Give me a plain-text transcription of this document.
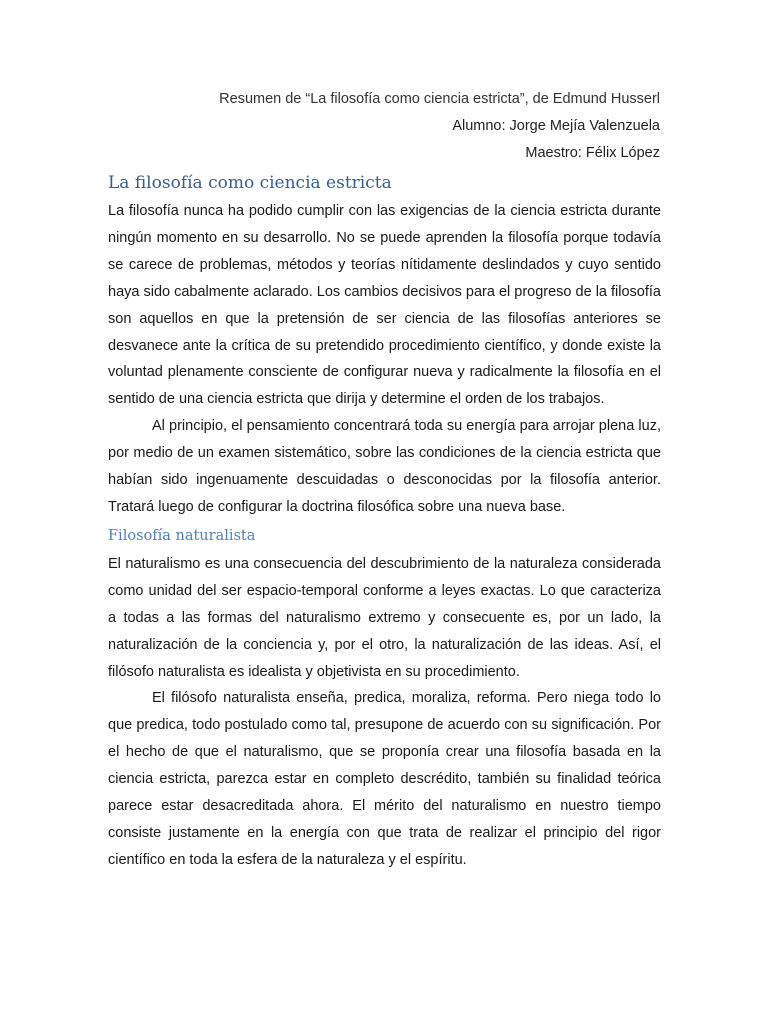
Resumen de “La filosofía como ciencia estricta”, de Edmund Husserl
Alumno: Jorge Mejía Valenzuela
Maestro: Félix López
La filosofía como ciencia estricta

La filosofía nunca ha podido cumplir con las exigencias de la ciencia estricta durante ningún momento en su desarrollo. No se puede aprenden la filosofía porque todavía se carece de problemas, métodos y teorías nítidamente deslindados y cuyo sentido haya sido cabalmente aclarado. Los cambios decisivos para el progreso de la filosofía son aquellos en que la pretensión de ser ciencia de las filosofías anteriores se desvanece ante la crítica de su pretendido procedimiento científico, y donde existe la voluntad plenamente consciente de configurar nueva y radicalmente la filosofía en el sentido de una ciencia estricta que dirija y determine el orden de los trabajos.

Al principio, el pensamiento concentrará toda su energía para arrojar plena luz, por medio de un examen sistemático, sobre las condiciones de la ciencia estricta que habían sido ingenuamente descuidadas o desconocidas por la filosofía anterior. Tratará luego de configurar la doctrina filosófica sobre una nueva base.

Filosofía naturalista

El naturalismo es una consecuencia del descubrimiento de la naturaleza considerada como unidad del ser espacio-temporal conforme a leyes exactas. Lo que caracteriza a todas a las formas del naturalismo extremo y consecuente es, por un lado, la naturalización de la conciencia y, por el otro, la naturalización de las ideas. Así, el filósofo naturalista es idealista y objetivista en su procedimiento.

El filósofo naturalista enseña, predica, moraliza, reforma. Pero niega todo lo que predica, todo postulado como tal, presupone de acuerdo con su significación. Por el hecho de que el naturalismo, que se proponía crear una filosofía basada en la ciencia estricta, parezca estar en completo descrédito, también su finalidad teórica parece estar desacreditada ahora. El mérito del naturalismo en nuestro tiempo consiste justamente en la energía con que trata de realizar el principio del rigor científico en toda la esfera de la naturaleza y el espíritu.
